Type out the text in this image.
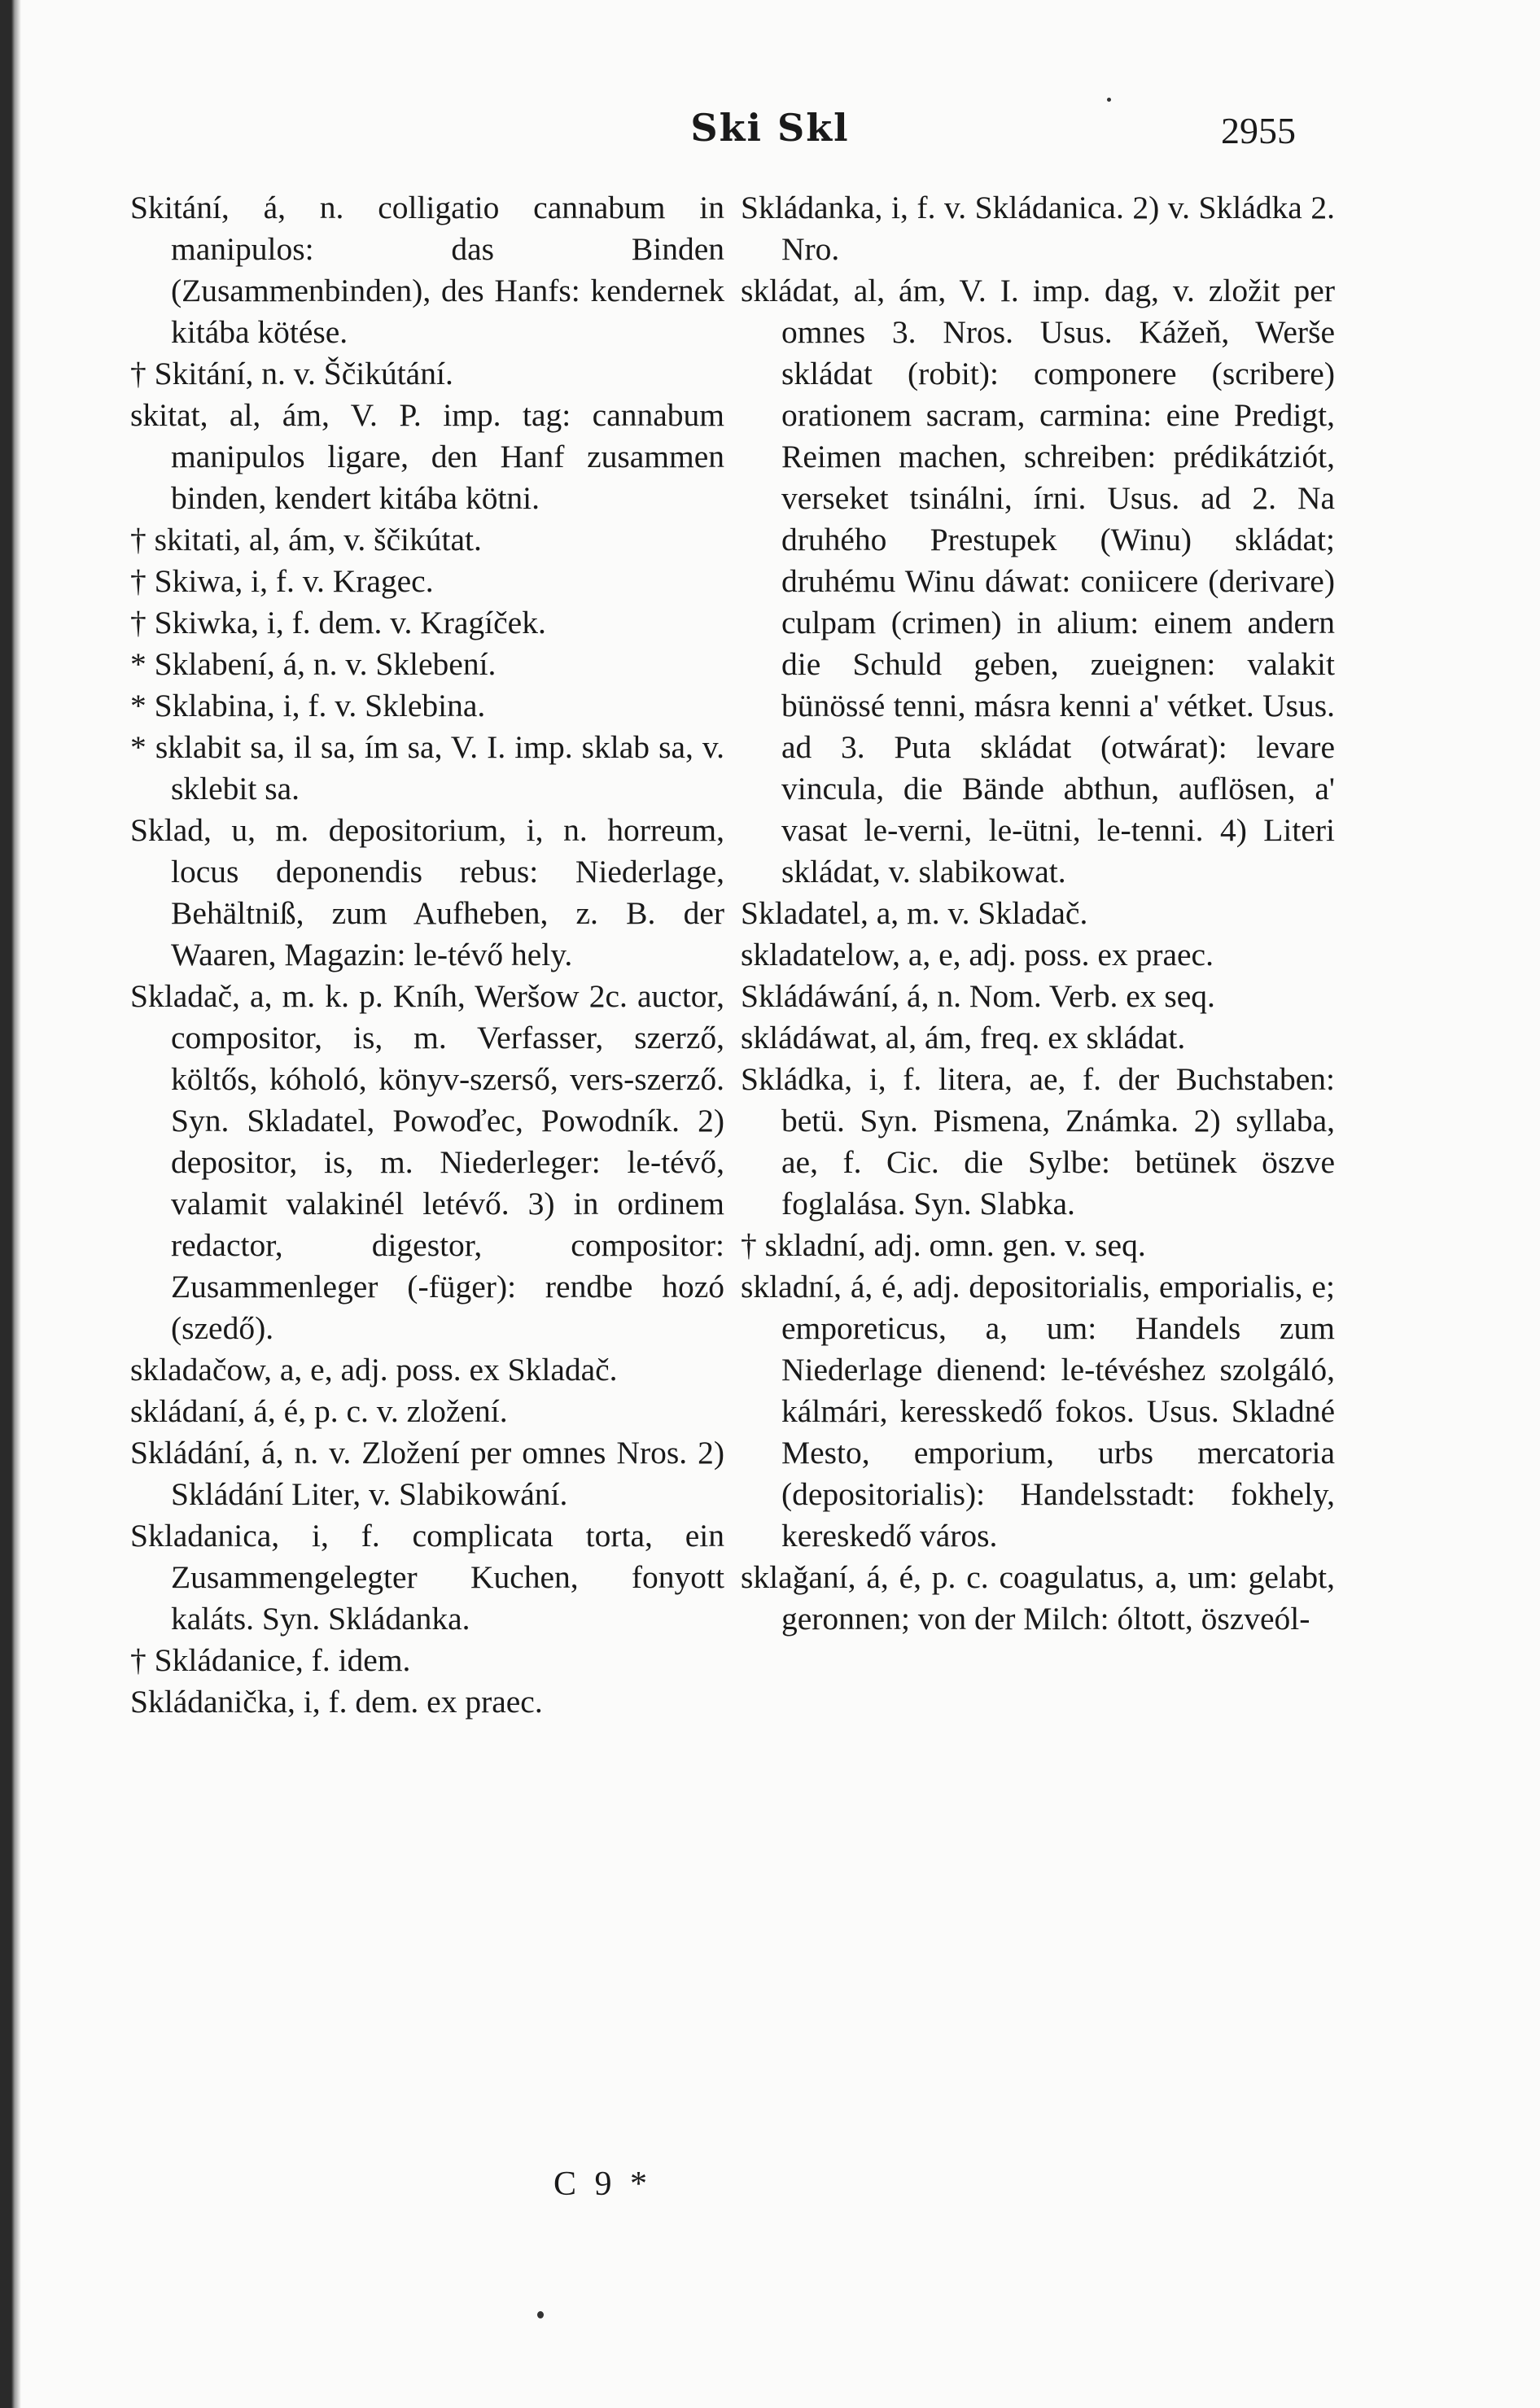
Ski Skl	2955

Skitání, á, n. colligatio cannabum in manipulos: das Binden (Zusammenbinden), des Hanfs: kendernek kitába kötése.

† Skitání, n. v. Ščikútání.

skitat, al, ám, V. P. imp. tag: cannabum manipulos ligare, den Hanf zusammen binden, kendert kitába kötni.

† skitati, al, ám, v. ščikútat.

† Skiwa, i, f. v. Kragec.

† Skiwka, i, f. dem. v. Kragíček.

* Sklabení, á, n. v. Sklebení.

* Sklabina, i, f. v. Sklebina.

* sklabit sa, il sa, ím sa, V. I. imp. sklab sa, v. sklebit sa.

Sklad, u, m. depositorium, i, n. horreum, locus deponendis rebus: Niederlage, Behältniß, zum Aufheben, z. B. der Waaren, Magazin: le-tévő hely.

Skladač, a, m. k. p. Kníh, Weršow 2c. auctor, compositor, is, m. Verfasser, szerző, költős, kóholó, könyv-szerső, vers-szerző. Syn. Skladatel, Powoďec, Powodník. 2) depositor, is, m. Niederleger: le-tévő, valamit valakinél letévő. 3) in ordinem redactor, digestor, compositor: Zusammenleger (-füger): rendbe hozó (szedő).

skladačow, a, e, adj. poss. ex Skladač.

skládaní, á, é, p. c. v. zložení.

Skládání, á, n. v. Zložení per omnes Nros. 2) Skládání Liter, v. Slabikowání.

Skladanica, i, f. complicata torta, ein Zusammengelegter Kuchen, fonyott kaláts. Syn. Skládanka.

† Skládanice, f. idem.

Skládanička, i, f. dem. ex praec.

Skládanka, i, f. v. Skládanica. 2) v. Skládka 2. Nro.

skládat, al, ám, V. I. imp. dag, v. zložit per omnes 3. Nros. Usus. Kážeň, Werše skládat (robit): componere (scribere) orationem sacram, carmina: eine Predigt, Reimen machen, schreiben: prédikátziót, verseket tsinálni, írni. Usus. ad 2. Na druhého Prestupek (Winu) skládat; druhému Winu dáwat: coniicere (derivare) culpam (crimen) in alium: einem andern die Schuld geben, zueignen: valakit bünössé tenni, másra kenni a' vétket. Usus. ad 3. Puta skládat (otwárat): levare vincula, die Bände abthun, auflösen, a' vasat le-verni, le-ütni, le-tenni. 4) Literi skládat, v. slabikowat.

Skladatel, a, m. v. Skladač.

skladatelow, a, e, adj. poss. ex praec.

Skládáwání, á, n. Nom. Verb. ex seq.

skládáwat, al, ám, freq. ex skládat.

Skládka, i, f. litera, ae, f. der Buchstaben: betü. Syn. Pismena, Známka. 2) syllaba, ae, f. Cic. die Sylbe: betünek öszve foglalása. Syn. Slabka.

† skladní, adj. omn. gen. v. seq.

skladní, á, é, adj. depositorialis, emporialis, e; emporeticus, a, um: Handels zum Niederlage dienend: le-tévéshez szolgáló, kálmári, keresskedő fokos. Usus. Skladné Mesto, emporium, urbs mercatoria (depositorialis): Handelsstadt: fokhely, kereskedő város.

sklaǧaní, á, é, p. c. coagulatus, a, um: gelabt, geronnen; von der Milch: óltott, öszveól-

C 9 *
